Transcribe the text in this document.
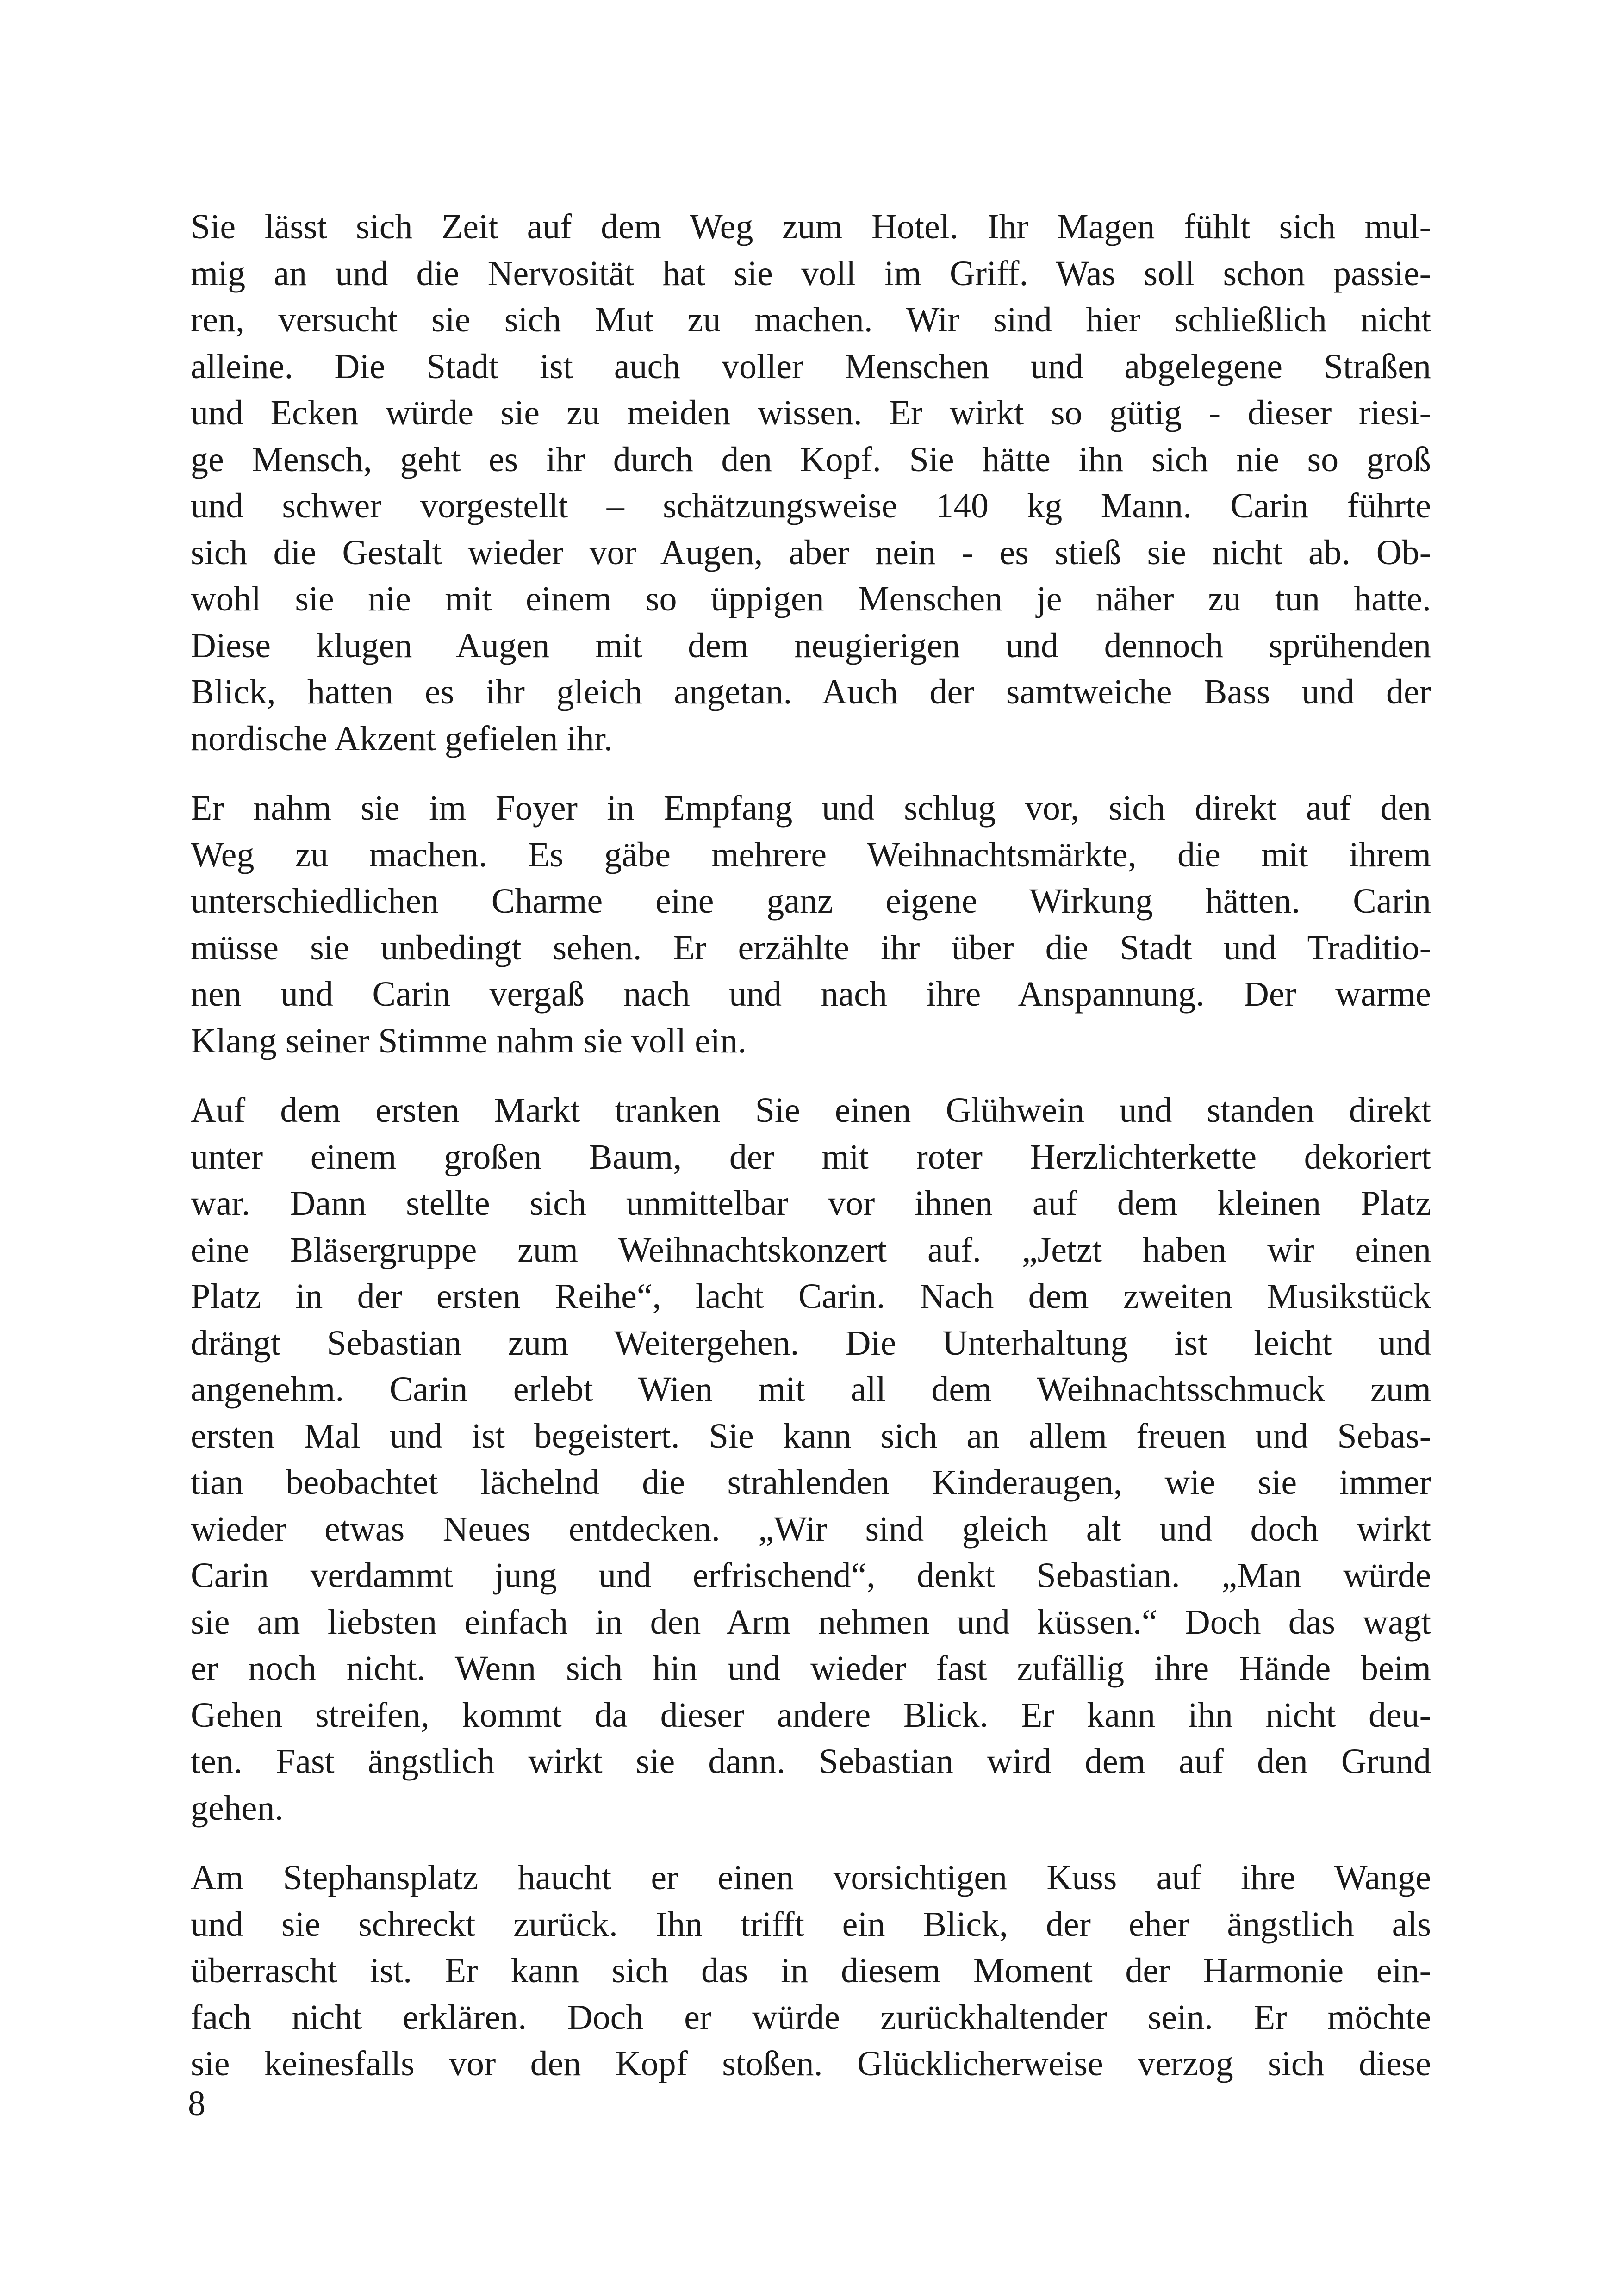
Sie lässt sich Zeit auf dem Weg zum Hotel. Ihr Magen fühlt sich mul-
mig an und die Nervosität hat sie voll im Griff. Was soll schon passie-
ren, versucht sie sich Mut zu machen. Wir sind hier schließlich nicht
alleine. Die Stadt ist auch voller Menschen und abgelegene Straßen
und Ecken würde sie zu meiden wissen. Er wirkt so gütig - dieser riesi-
ge Mensch, geht es ihr durch den Kopf. Sie hätte ihn sich nie so groß
und schwer vorgestellt – schätzungsweise 140 kg Mann. Carin führte
sich die Gestalt wieder vor Augen, aber nein - es stieß sie nicht ab. Ob-
wohl sie nie mit einem so üppigen Menschen je näher zu tun hatte.
Diese klugen Augen mit dem neugierigen und dennoch sprühenden
Blick, hatten es ihr gleich angetan. Auch der samtweiche Bass und der
nordische Akzent gefielen ihr.
Er nahm sie im Foyer in Empfang und schlug vor, sich direkt auf den
Weg zu machen. Es gäbe mehrere Weihnachtsmärkte, die mit ihrem
unterschiedlichen Charme eine ganz eigene Wirkung hätten. Carin
müsse sie unbedingt sehen. Er erzählte ihr über die Stadt und Traditio-
nen und Carin vergaß nach und nach ihre Anspannung. Der warme
Klang seiner Stimme nahm sie voll ein.
Auf dem ersten Markt tranken Sie einen Glühwein und standen direkt
unter einem großen Baum, der mit roter Herzlichterkette dekoriert
war. Dann stellte sich unmittelbar vor ihnen auf dem kleinen Platz
eine Bläsergruppe zum Weihnachtskonzert auf. „Jetzt haben wir einen
Platz in der ersten Reihe“, lacht Carin. Nach dem zweiten Musikstück
drängt Sebastian zum Weitergehen. Die Unterhaltung ist leicht und
angenehm. Carin erlebt Wien mit all dem Weihnachtsschmuck zum
ersten Mal und ist begeistert. Sie kann sich an allem freuen und Sebas-
tian beobachtet lächelnd die strahlenden Kinderaugen, wie sie immer
wieder etwas Neues entdecken. „Wir sind gleich alt und doch wirkt
Carin verdammt jung und erfrischend“, denkt Sebastian. „Man würde
sie am liebsten einfach in den Arm nehmen und küssen.“ Doch das wagt
er noch nicht. Wenn sich hin und wieder fast zufällig ihre Hände beim
Gehen streifen, kommt da dieser andere Blick. Er kann ihn nicht deu-
ten. Fast ängstlich wirkt sie dann. Sebastian wird dem auf den Grund
gehen.
Am Stephansplatz haucht er einen vorsichtigen Kuss auf ihre Wange
und sie schreckt zurück. Ihn trifft ein Blick, der eher ängstlich als
überrascht ist. Er kann sich das in diesem Moment der Harmonie ein-
fach nicht erklären. Doch er würde zurückhaltender sein. Er möchte
sie keinesfalls vor den Kopf stoßen. Glücklicherweise verzog sich diese
8
